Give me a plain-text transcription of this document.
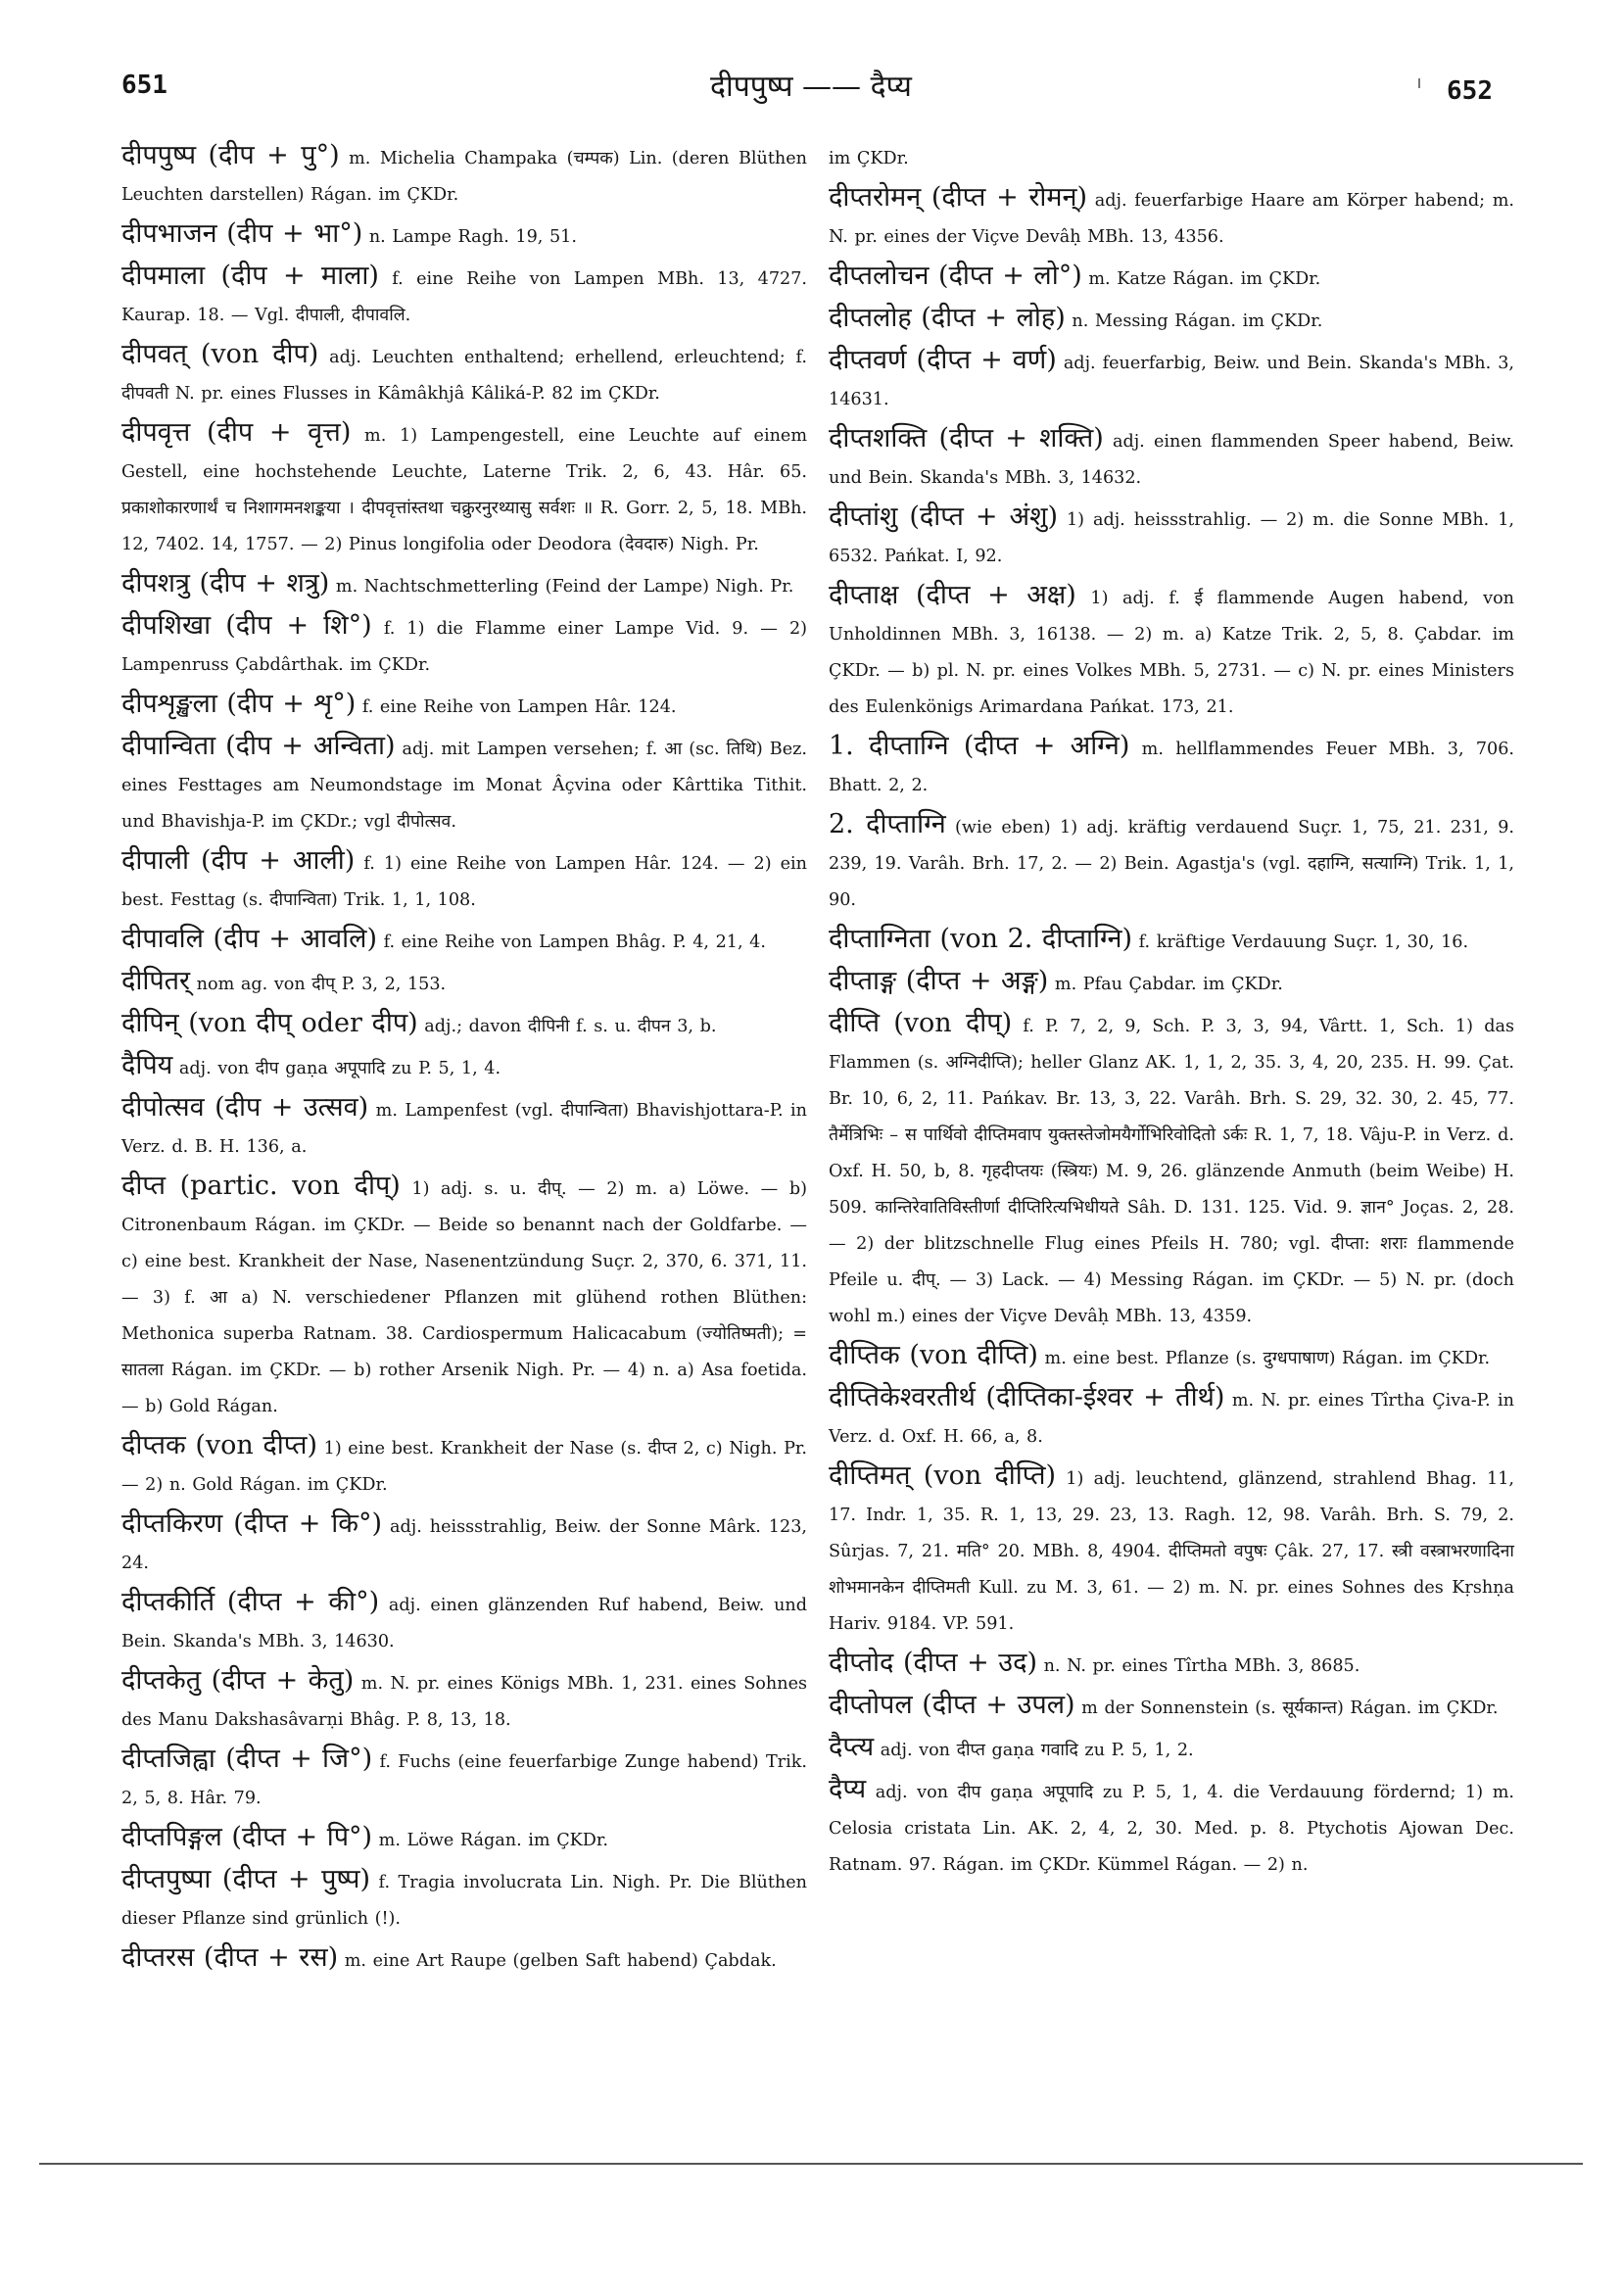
651	दीपपुष्प —— दैप्य	652

दीपपुष्प (दीप + पु°) m. Michelia Champaka (चम्पक) Lin. (deren Blüthen Leuchten darstellen) Rágan. im ÇKDr.

दीपभाजन (दीप + भा°) n. Lampe Ragh. 19, 51.

दीपमाला (दीप + माला) f. eine Reihe von Lampen MBh. 13, 4727. Kaurap. 18. — Vgl. दीपाली, दीपावलि.

दीपवत् (von दीप) adj. Leuchten enthaltend; erhellend, erleuchtend; f. दीपवती N. pr. eines Flusses in Kâmâkhjâ Kâliká-P. 82 im ÇKDr.

दीपवृत्त (दीप + वृत्त) m. 1) Lampengestell, eine Leuchte auf einem Gestell, eine hochstehende Leuchte, Laterne Trik. 2, 6, 43. Hâr. 65. प्रकाशोकारणार्थं च निशागमनशङ्कया । दीपवृत्तांस्तथा चक्रुरनुरथ्यासु सर्वशः ॥ R. Gorr. 2, 5, 18. MBh. 12, 7402. 14, 1757. — 2) Pinus longifolia oder Deodora (देवदारु) Nigh. Pr.

दीपशत्रु (दीप + शत्रु) m. Nachtschmetterling (Feind der Lampe) Nigh. Pr.

दीपशिखा (दीप + शि°) f. 1) die Flamme einer Lampe Vid. 9. — 2) Lampenruss Çabdârthak. im ÇKDr.

दीपशृङ्खला (दीप + शृ°) f. eine Reihe von Lampen Hâr. 124.

दीपान्विता (दीप + अन्विता) adj. mit Lampen versehen; f. आ (sc. तिथि) Bez. eines Festtages am Neumondstage im Monat Âçvina oder Kârttika Tithit. und Bhavishja-P. im ÇKDr.; vgl दीपोत्सव.

दीपाली (दीप + आली) f. 1) eine Reihe von Lampen Hâr. 124. — 2) ein best. Festtag (s. दीपान्विता) Trik. 1, 1, 108.

दीपावलि (दीप + आवलि) f. eine Reihe von Lampen Bhâg. P. 4, 21, 4.

दीपितर् nom ag. von दीप् P. 3, 2, 153.

दीपिन् (von दीप् oder दीप) adj.; davon दीपिनी f. s. u. दीपन 3, b.

दैपिय adj. von दीप gaṇa अपूपादि zu P. 5, 1, 4.

दीपोत्सव (दीप + उत्सव) m. Lampenfest (vgl. दीपान्विता) Bhavishjottara-P. in Verz. d. B. H. 136, a.

दीप्त (partic. von दीप्) 1) adj. s. u. दीप्. — 2) m. a) Löwe. — b) Citronenbaum Rágan. im ÇKDr. — Beide so benannt nach der Goldfarbe. — c) eine best. Krankheit der Nase, Nasenentzündung Suçr. 2, 370, 6. 371, 11. — 3) f. आ a) N. verschiedener Pflanzen mit glühend rothen Blüthen: Methonica superba Ratnam. 38. Cardiospermum Halicacabum (ज्योतिष्मती); = सातला Rágan. im ÇKDr. — b) rother Arsenik Nigh. Pr. — 4) n. a) Asa foetida. — b) Gold Rágan.

दीप्तक (von दीप्त) 1) eine best. Krankheit der Nase (s. दीप्त 2, c) Nigh. Pr. — 2) n. Gold Rágan. im ÇKDr.

दीप्तकिरण (दीप्त + कि°) adj. heissstrahlig, Beiw. der Sonne Mârk. 123, 24.

दीप्तकीर्ति (दीप्त + की°) adj. einen glänzenden Ruf habend, Beiw. und Bein. Skanda's MBh. 3, 14630.

दीप्तकेतु (दीप्त + केतु) m. N. pr. eines Königs MBh. 1, 231. eines Sohnes des Manu Dakshasâvarṇi Bhâg. P. 8, 13, 18.

दीप्तजिह्वा (दीप्त + जि°) f. Fuchs (eine feuerfarbige Zunge habend) Trik. 2, 5, 8. Hâr. 79.

दीप्तपिङ्गल (दीप्त + पि°) m. Löwe Rágan. im ÇKDr.

दीप्तपुष्पा (दीप्त + पुष्प) f. Tragia involucrata Lin. Nigh. Pr. Die Blüthen dieser Pflanze sind grünlich (!).

दीप्तरस (दीप्त + रस) m. eine Art Raupe (gelben Saft habend) Çabdak.

im ÇKDr.

दीप्तरोमन् (दीप्त + रोमन्) adj. feuerfarbige Haare am Körper habend; m. N. pr. eines der Viçve Devâḥ MBh. 13, 4356.

दीप्तलोचन (दीप्त + लो°) m. Katze Rágan. im ÇKDr.

दीप्तलोह (दीप्त + लोह) n. Messing Rágan. im ÇKDr.

दीप्तवर्ण (दीप्त + वर्ण) adj. feuerfarbig, Beiw. und Bein. Skanda's MBh. 3, 14631.

दीप्तशक्ति (दीप्त + शक्ति) adj. einen flammenden Speer habend, Beiw. und Bein. Skanda's MBh. 3, 14632.

दीप्तांशु (दीप्त + अंशु) 1) adj. heissstrahlig. — 2) m. die Sonne MBh. 1, 6532. Pańkat. I, 92.

दीप्ताक्ष (दीप्त + अक्ष) 1) adj. f. ई flammende Augen habend, von Unholdinnen MBh. 3, 16138. — 2) m. a) Katze Trik. 2, 5, 8. Çabdar. im ÇKDr. — b) pl. N. pr. eines Volkes MBh. 5, 2731. — c) N. pr. eines Ministers des Eulenkönigs Arimardana Pańkat. 173, 21.

1. दीप्ताग्नि (दीप्त + अग्नि) m. hellflammendes Feuer MBh. 3, 706. Bhatt. 2, 2.

2. दीप्ताग्नि (wie eben) 1) adj. kräftig verdauend Suçr. 1, 75, 21. 231, 9. 239, 19. Varâh. Brh. 17, 2. — 2) Bein. Agastja's (vgl. दहाग्नि, सत्याग्नि) Trik. 1, 1, 90.

दीप्ताग्निता (von 2. दीप्ताग्नि) f. kräftige Verdauung Suçr. 1, 30, 16.

दीप्ताङ्ग (दीप्त + अङ्ग) m. Pfau Çabdar. im ÇKDr.

दीप्ति (von दीप्) f. P. 7, 2, 9, Sch. P. 3, 3, 94, Vârtt. 1, Sch. 1) das Flammen (s. अग्निदीप्ति); heller Glanz AK. 1, 1, 2, 35. 3, 4, 20, 235. H. 99. Çat. Br. 10, 6, 2, 11. Pańkav. Br. 13, 3, 22. Varâh. Brh. S. 29, 32. 30, 2. 45, 77. तैर्मेत्रिभिः – स पार्थिवो दीप्तिमवाप युक्तस्तेजोमयैर्गोभिरिवोदितो ऽर्कः R. 1, 7, 18. Vâju-P. in Verz. d. Oxf. H. 50, b, 8. गृहदीप्तयः (स्त्रियः) M. 9, 26. glänzende Anmuth (beim Weibe) H. 509. कान्तिरेवातिविस्तीर्णा दीप्तिरित्यभिधीयते Sâh. D. 131. 125. Vid. 9. ज्ञान° Joças. 2, 28. — 2) der blitzschnelle Flug eines Pfeils H. 780; vgl. दीप्ता: शराः flammende Pfeile u. दीप्. — 3) Lack. — 4) Messing Rágan. im ÇKDr. — 5) N. pr. (doch wohl m.) eines der Viçve Devâḥ MBh. 13, 4359.

दीप्तिक (von दीप्ति) m. eine best. Pflanze (s. दुग्धपाषाण) Rágan. im ÇKDr.

दीप्तिकेश्वरतीर्थ (दीप्तिका-ईश्वर + तीर्थ) m. N. pr. eines Tîrtha Çiva-P. in Verz. d. Oxf. H. 66, a, 8.

दीप्तिमत् (von दीप्ति) 1) adj. leuchtend, glänzend, strahlend Bhag. 11, 17. Indr. 1, 35. R. 1, 13, 29. 23, 13. Ragh. 12, 98. Varâh. Brh. S. 79, 2. Sûrjas. 7, 21. मति° 20. MBh. 8, 4904. दीप्तिमतो वपुषः Çâk. 27, 17. स्त्री वस्त्राभरणादिना शोभमानकेन दीप्तिमती Kull. zu M. 3, 61. — 2) m. N. pr. eines Sohnes des Kṛshṇa Hariv. 9184. VP. 591.

दीप्तोद (दीप्त + उद) n. N. pr. eines Tîrtha MBh. 3, 8685.

दीप्तोपल (दीप्त + उपल) m der Sonnenstein (s. सूर्यकान्त) Rágan. im ÇKDr.

दैप्त्य adj. von दीप्त gaṇa गवादि zu P. 5, 1, 2.

दैप्य adj. von दीप gaṇa अपूपादि zu P. 5, 1, 4. die Verdauung fördernd; 1) m. Celosia cristata Lin. AK. 2, 4, 2, 30. Med. p. 8. Ptychotis Ajowan Dec. Ratnam. 97. Rágan. im ÇKDr. Kümmel Rágan. — 2) n.
